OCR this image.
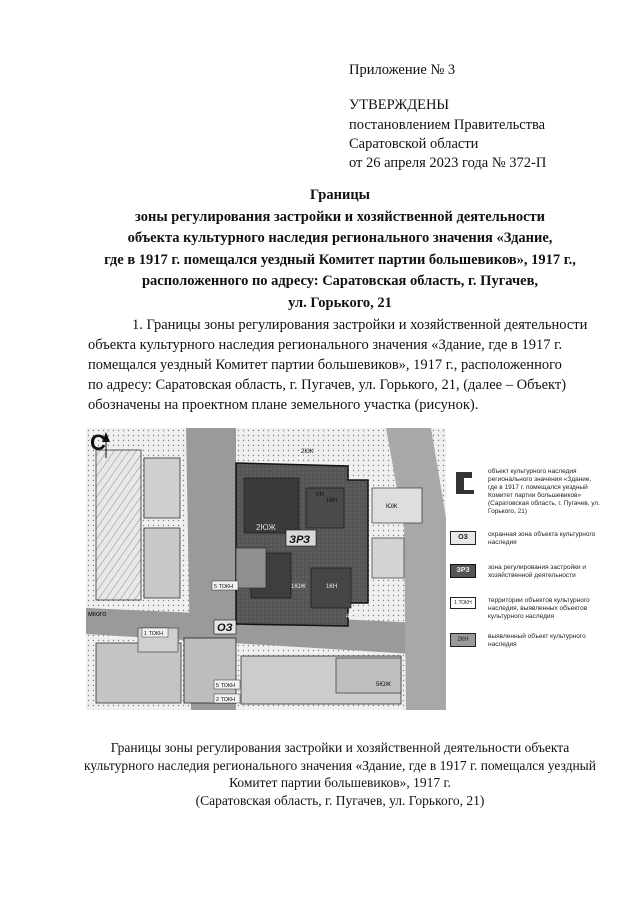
Приложение № 3
УТВЕРЖДЕНЫ
постановлением Правительства
Саратовской области
от 26 апреля 2023 года № 372-П
Границы
зоны регулирования застройки и хозяйственной деятельности
объекта культурного наследия регионального значения «Здание,
где в 1917 г. помещался уездный Комитет партии большевиков», 1917 г.,
расположенного по адресу: Саратовская область, г. Пугачев,
ул. Горького, 21
1. Границы зоны регулирования застройки и хозяйственной деятельности
объекта культурного наследия регионального значения «Здание, где в 1917 г.
помещался уездный Комитет партии большевиков», 1917 г., расположенного
по адресу: Саратовская область, г. Пугачев, ул. Горького, 21, (далее – Объект)
обозначены на проектном плане земельного участка (рисунок).
С
ЗРЗ
ОЗ
2КЖ
1КН
2ЮЖ
1ЮЖ
ЮЖ
5ЮЖ
1КН
4ЮЖ
5 ТОКН
1 ТОКН
5 ТОКН
2 ТОКН
КН
мкого
объект культурного наследия регионального значения «Здание, где в 1917 г. помещался уездный Комитет партии большевиков» (Саратовская область, г. Пугачев, ул. Горького, 21)
ОЗ	охранная зона объекта культурного наследия
ЗРЗ	зона регулирования застройки и хозяйственной деятельности
1 ТОКН	территории объектов культурного наследия, выявленных объектов культурного наследия
2КН	выявленный объект культурного наследия
Границы зоны регулирования застройки и хозяйственной деятельности объекта
культурного наследия регионального значения «Здание, где в 1917 г. помещался уездный
Комитет партии большевиков», 1917 г.
(Саратовская область, г. Пугачев, ул. Горького, 21)
